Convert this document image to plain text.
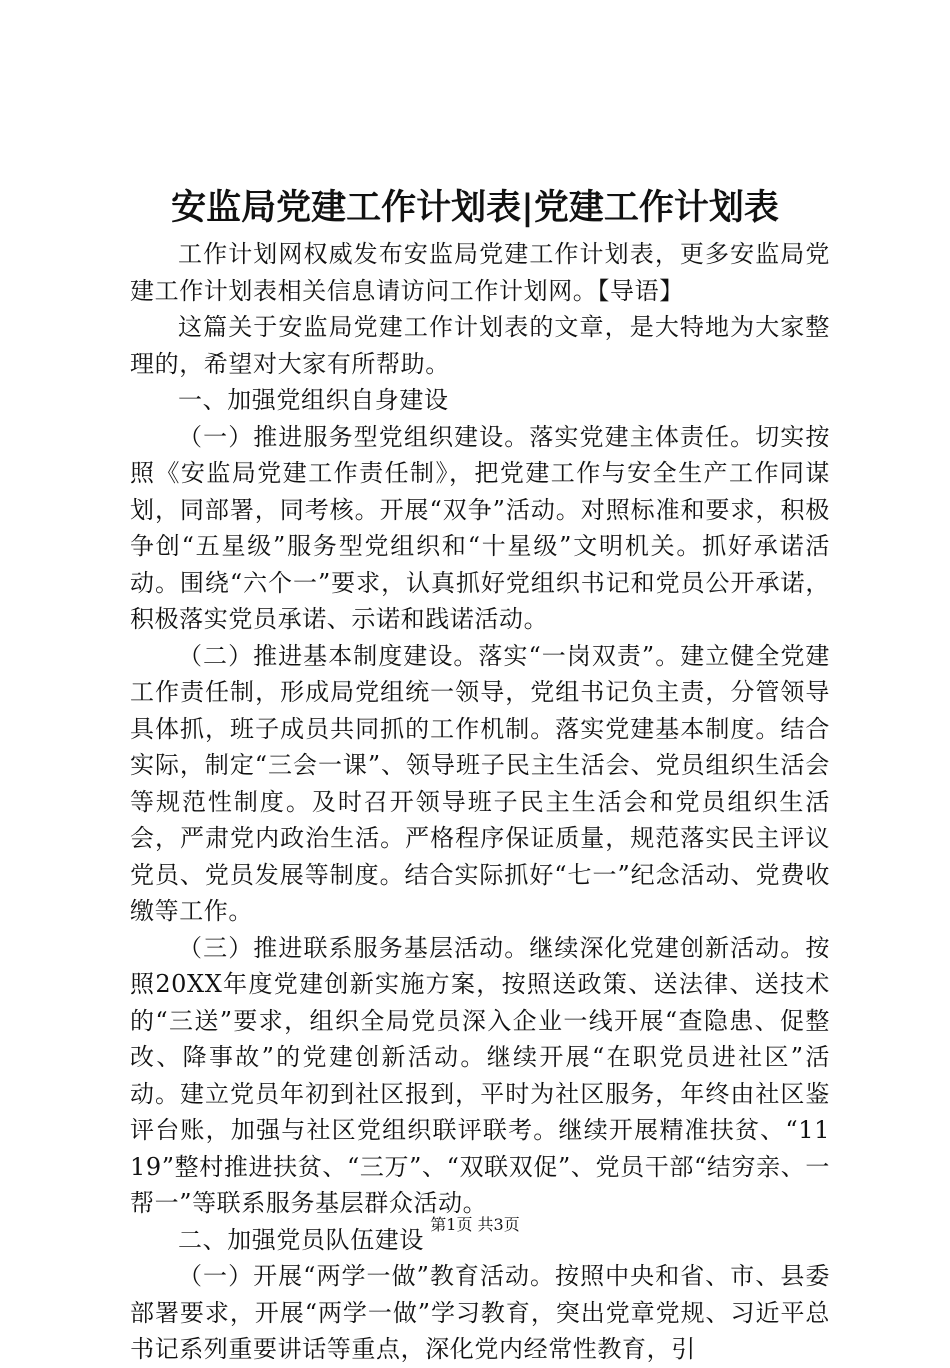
安监局党建工作计划表|党建工作计划表

工作计划网权威发布安监局党建工作计划表，更多安监局党建工作计划表相关信息请访问工作计划网。【导语】

这篇关于安监局党建工作计划表的文章，是大特地为大家整理的，希望对大家有所帮助。

一、加强党组织自身建设

（一）推进服务型党组织建设。落实党建主体责任。切实按照《安监局党建工作责任制》，把党建工作与安全生产工作同谋划，同部署，同考核。开展“双争”活动。对照标准和要求，积极争创“五星级”服务型党组织和“十星级”文明机关。抓好承诺活动。围绕“六个一”要求，认真抓好党组织书记和党员公开承诺，积极落实党员承诺、示诺和践诺活动。

（二）推进基本制度建设。落实“一岗双责”。建立健全党建工作责任制，形成局党组统一领导，党组书记负主责，分管领导具体抓，班子成员共同抓的工作机制。落实党建基本制度。结合实际，制定“三会一课”、领导班子民主生活会、党员组织生活会等规范性制度。及时召开领导班子民主生活会和党员组织生活会，严肃党内政治生活。严格程序保证质量，规范落实民主评议党员、党员发展等制度。结合实际抓好“七一”纪念活动、党费收缴等工作。

（三）推进联系服务基层活动。继续深化党建创新活动。按照20XX年度党建创新实施方案，按照送政策、送法律、送技术的“三送”要求，组织全局党员深入企业一线开展“查隐患、促整改、降事故”的党建创新活动。继续开展“在职党员进社区”活动。建立党员年初到社区报到，平时为社区服务，年终由社区鉴评台账，加强与社区党组织联评联考。继续开展精准扶贫、“1119”整村推进扶贫、“三万”、“双联双促”、党员干部“结穷亲、一帮一”等联系服务基层群众活动。

二、加强党员队伍建设

（一）开展“两学一做”教育活动。按照中央和省、市、县委部署要求，开展“两学一做”学习教育，突出党章党规、习近平总书记系列重要讲话等重点，深化党内经常性教育，引

第1页 共3页
